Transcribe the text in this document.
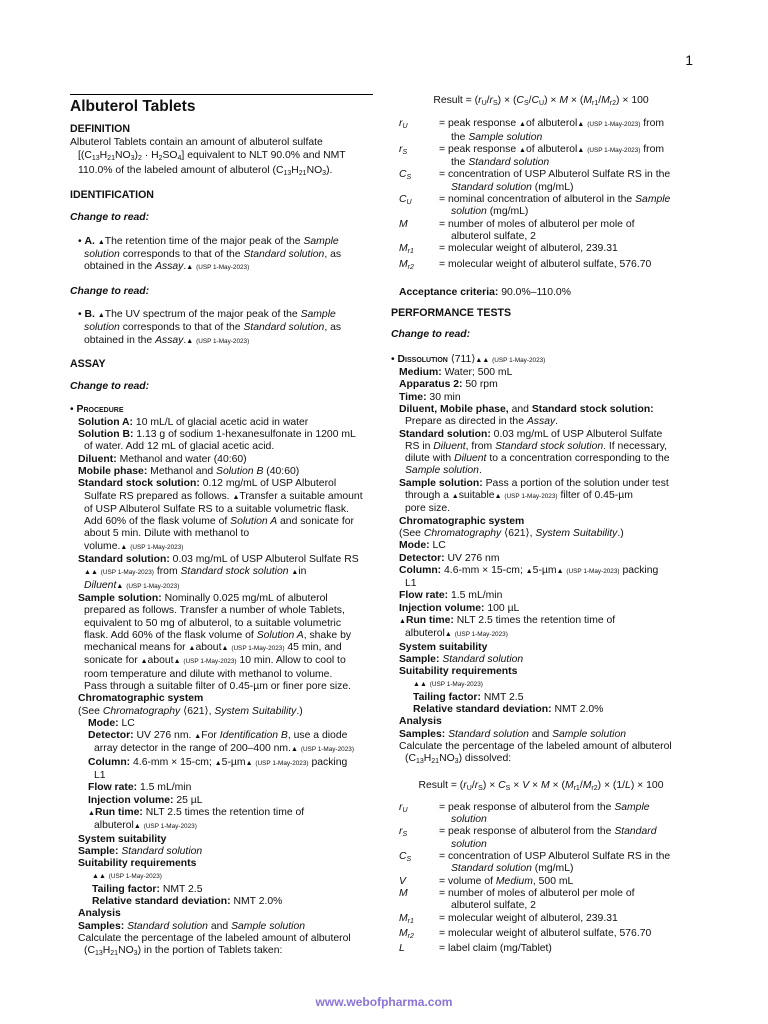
1
Albuterol Tablets
DEFINITION

Albuterol Tablets contain an amount of albuterol sulfate
$[(C_{13}H_{21}NO_3)_2 \cdot H_2SO_4]$ equivalent to NLT 90.0% and NMT
110.0% of the labeled amount of albuterol $(C_{13}H_{21}NO_3)$.

IDENTIFICATION
Change to read:

• A. ▲The retention time of the major peak of the Sample
solution corresponds to that of the Standard solution, as
obtained in the Assay.▲ (USP 1-May-2023)

Change to read:

• B. ▲The UV spectrum of the major peak of the Sample
solution corresponds to that of the Standard solution, as
obtained in the Assay.▲ (USP 1-May-2023)

ASSAY
Change to read:

• Procedure

Solution A: 10 mL/L of glacial acetic acid in water

Solution B: 1.13 g of sodium 1-hexanesulfonate in 1200 mL
of water. Add 12 mL of glacial acetic acid.

Diluent: Methanol and water (40:60)

Mobile phase: Methanol and Solution B (40:60)

Standard stock solution: 0.12 mg/mL of USP Albuterol
Sulfate RS prepared as follows. ▲Transfer a suitable amount
of USP Albuterol Sulfate RS to a suitable volumetric flask.
Add 60% of the flask volume of Solution A and sonicate for
about 5 min. Dilute with methanol to
volume.▲ (USP 1-May-2023)

Standard solution: 0.03 mg/mL of USP Albuterol Sulfate RS
▲▲ (USP 1-May-2023) from Standard stock solution ▲in
Diluent▲ (USP 1-May-2023)

Sample solution: Nominally 0.025 mg/mL of albuterol
prepared as follows. Transfer a number of whole Tablets,
equivalent to 50 mg of albuterol, to a suitable volumetric
flask. Add 60% of the flask volume of Solution A, shake by
mechanical means for ▲about▲ (USP 1-May-2023) 45 min, and
sonicate for ▲about▲ (USP 1-May-2023) 10 min. Allow to cool to
room temperature and dilute with methanol to volume.
Pass through a suitable filter of 0.45-µm or finer pore size.

Chromatographic system

(See Chromatography ⟨621⟩, System Suitability.)

Mode: LC

Detector: UV 276 nm. ▲For Identification B, use a diode
array detector in the range of 200–400 nm.▲ (USP 1-May-2023)

Column: 4.6-mm × 15-cm; ▲5-µm▲ (USP 1-May-2023) packing
L1

Flow rate: 1.5 mL/min

Injection volume: 25 µL

▲Run time: NLT 2.5 times the retention time of
albuterol▲ (USP 1-May-2023)

System suitability

Sample: Standard solution

Suitability requirements

▲▲ (USP 1-May-2023)

Tailing factor: NMT 2.5

Relative standard deviation: NMT 2.0%

Analysis

Samples: Standard solution and Sample solution

Calculate the percentage of the labeled amount of albuterol
$(C_{13}H_{21}NO_3)$ in the portion of Tablets taken:

Result = $(r_U/r_S) \times (C_S/C_U) \times M \times (M_{r1}/M_{r2}) \times 100$

$r_U$	= peak response ▲of albuterol▲ (USP 1-May-2023) from
the Sample solution
$r_S$	= peak response ▲of albuterol▲ (USP 1-May-2023) from
the Standard solution
$C_S$	= concentration of USP Albuterol Sulfate RS in the
Standard solution (mg/mL)
$C_U$	= nominal concentration of albuterol in the Sample
solution (mg/mL)
M	= number of moles of albuterol per mole of
albuterol sulfate, 2
$M_{r1}$	= molecular weight of albuterol, 239.31
$M_{r2}$	= molecular weight of albuterol sulfate, 576.70

Acceptance criteria: 90.0%–110.0%

PERFORMANCE TESTS
Change to read:

• Dissolution ⟨711⟩▲▲ (USP 1-May-2023)

Medium: Water; 500 mL

Apparatus 2: 50 rpm

Time: 30 min

Diluent, Mobile phase, and Standard stock solution:
Prepare as directed in the Assay.

Standard solution: 0.03 mg/mL of USP Albuterol Sulfate
RS in Diluent, from Standard stock solution. If necessary,
dilute with Diluent to a concentration corresponding to the
Sample solution.

Sample solution: Pass a portion of the solution under test
through a ▲suitable▲ (USP 1-May-2023) filter of 0.45-µm
pore size.

Chromatographic system

(See Chromatography ⟨621⟩, System Suitability.)

Mode: LC

Detector: UV 276 nm

Column: 4.6-mm × 15-cm; ▲5-µm▲ (USP 1-May-2023) packing
L1

Flow rate: 1.5 mL/min

Injection volume: 100 µL

▲Run time: NLT 2.5 times the retention time of
albuterol▲ (USP 1-May-2023)

System suitability

Sample: Standard solution

Suitability requirements

▲▲ (USP 1-May-2023)

Tailing factor: NMT 2.5

Relative standard deviation: NMT 2.0%

Analysis

Samples: Standard solution and Sample solution

Calculate the percentage of the labeled amount of albuterol
$(C_{13}H_{21}NO_3)$ dissolved:

Result = $(r_U/r_S) \times C_S \times V \times M \times (M_{r1}/M_{r2}) \times (1/L) \times 100$

$r_U$	= peak response of albuterol from the Sample
solution
$r_S$	= peak response of albuterol from the Standard
solution
$C_S$	= concentration of USP Albuterol Sulfate RS in the
Standard solution (mg/mL)
V	= volume of Medium, 500 mL
M	= number of moles of albuterol per mole of
albuterol sulfate, 2
$M_{r1}$	= molecular weight of albuterol, 239.31
$M_{r2}$	= molecular weight of albuterol sulfate, 576.70
L	= label claim (mg/Tablet)
www.webofpharma.com
